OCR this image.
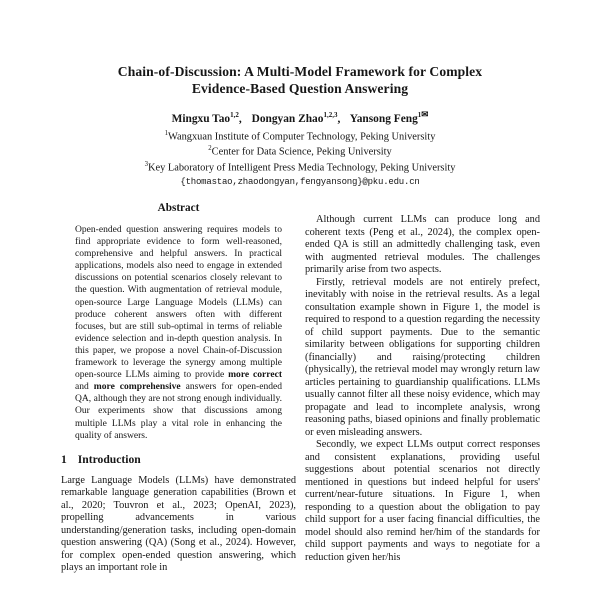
Chain-of-Discussion: A Multi-Model Framework for Complex
Evidence-Based Question Answering
Mingxu Tao$^{1,2}$, Dongyan Zhao$^{1,2,3}$, Yansong Feng$^{1✉}$
$^1$Wangxuan Institute of Computer Technology, Peking University
$^2$Center for Data Science, Peking University
$^3$Key Laboratory of Intelligent Press Media Technology, Peking University
{thomastao,zhaodongyan,fengyansong}@pku.edu.cn
Abstract

Open-ended question answering requires models to find appropriate evidence to form well-reasoned, comprehensive and helpful answers. In practical applications, models also need to engage in extended discussions on potential scenarios closely relevant to the question. With augmentation of retrieval module, open-source Large Language Models (LLMs) can produce coherent answers often with different focuses, but are still sub-optimal in terms of reliable evidence selection and in-depth question analysis. In this paper, we propose a novel Chain-of-Discussion framework to leverage the synergy among multiple open-source LLMs aiming to provide more correct and more comprehensive answers for open-ended QA, although they are not strong enough individually. Our experiments show that discussions among multiple LLMs play a vital role in enhancing the quality of answers.

1 Introduction

Large Language Models (LLMs) have demonstrated remarkable language generation capabilities (Brown et al., 2020; Touvron et al., 2023; OpenAI, 2023), propelling advancements in various understanding/generation tasks, including open-domain question answering (QA) (Song et al., 2024). However, for complex open-ended question answering, which plays an important role in

Although current LLMs can produce long and coherent texts (Peng et al., 2024), the complex open-ended QA is still an admittedly challenging task, even with augmented retrieval modules. The challenges primarily arise from two aspects.

Firstly, retrieval models are not entirely prefect, inevitably with noise in the retrieval results. As a legal consultation example shown in Figure 1, the model is required to respond to a question regarding the necessity of child support payments. Due to the semantic similarity between obligations for supporting children (financially) and raising/protecting children (physically), the retrieval model may wrongly return law articles pertaining to guardianship qualifications. LLMs usually cannot filter all these noisy evidence, which may propagate and lead to incomplete analysis, wrong reasoning paths, biased opinions and finally problematic or even misleading answers.

Secondly, we expect LLMs output correct responses and consistent explanations, providing useful suggestions about potential scenarios not directly mentioned in questions but indeed helpful for users' current/near-future situations. In Figure 1, when responding to a question about the obligation to pay child support for a user facing financial difficulties, the model should also remind her/him of the standards for child support payments and ways to negotiate for a reduction given her/his
